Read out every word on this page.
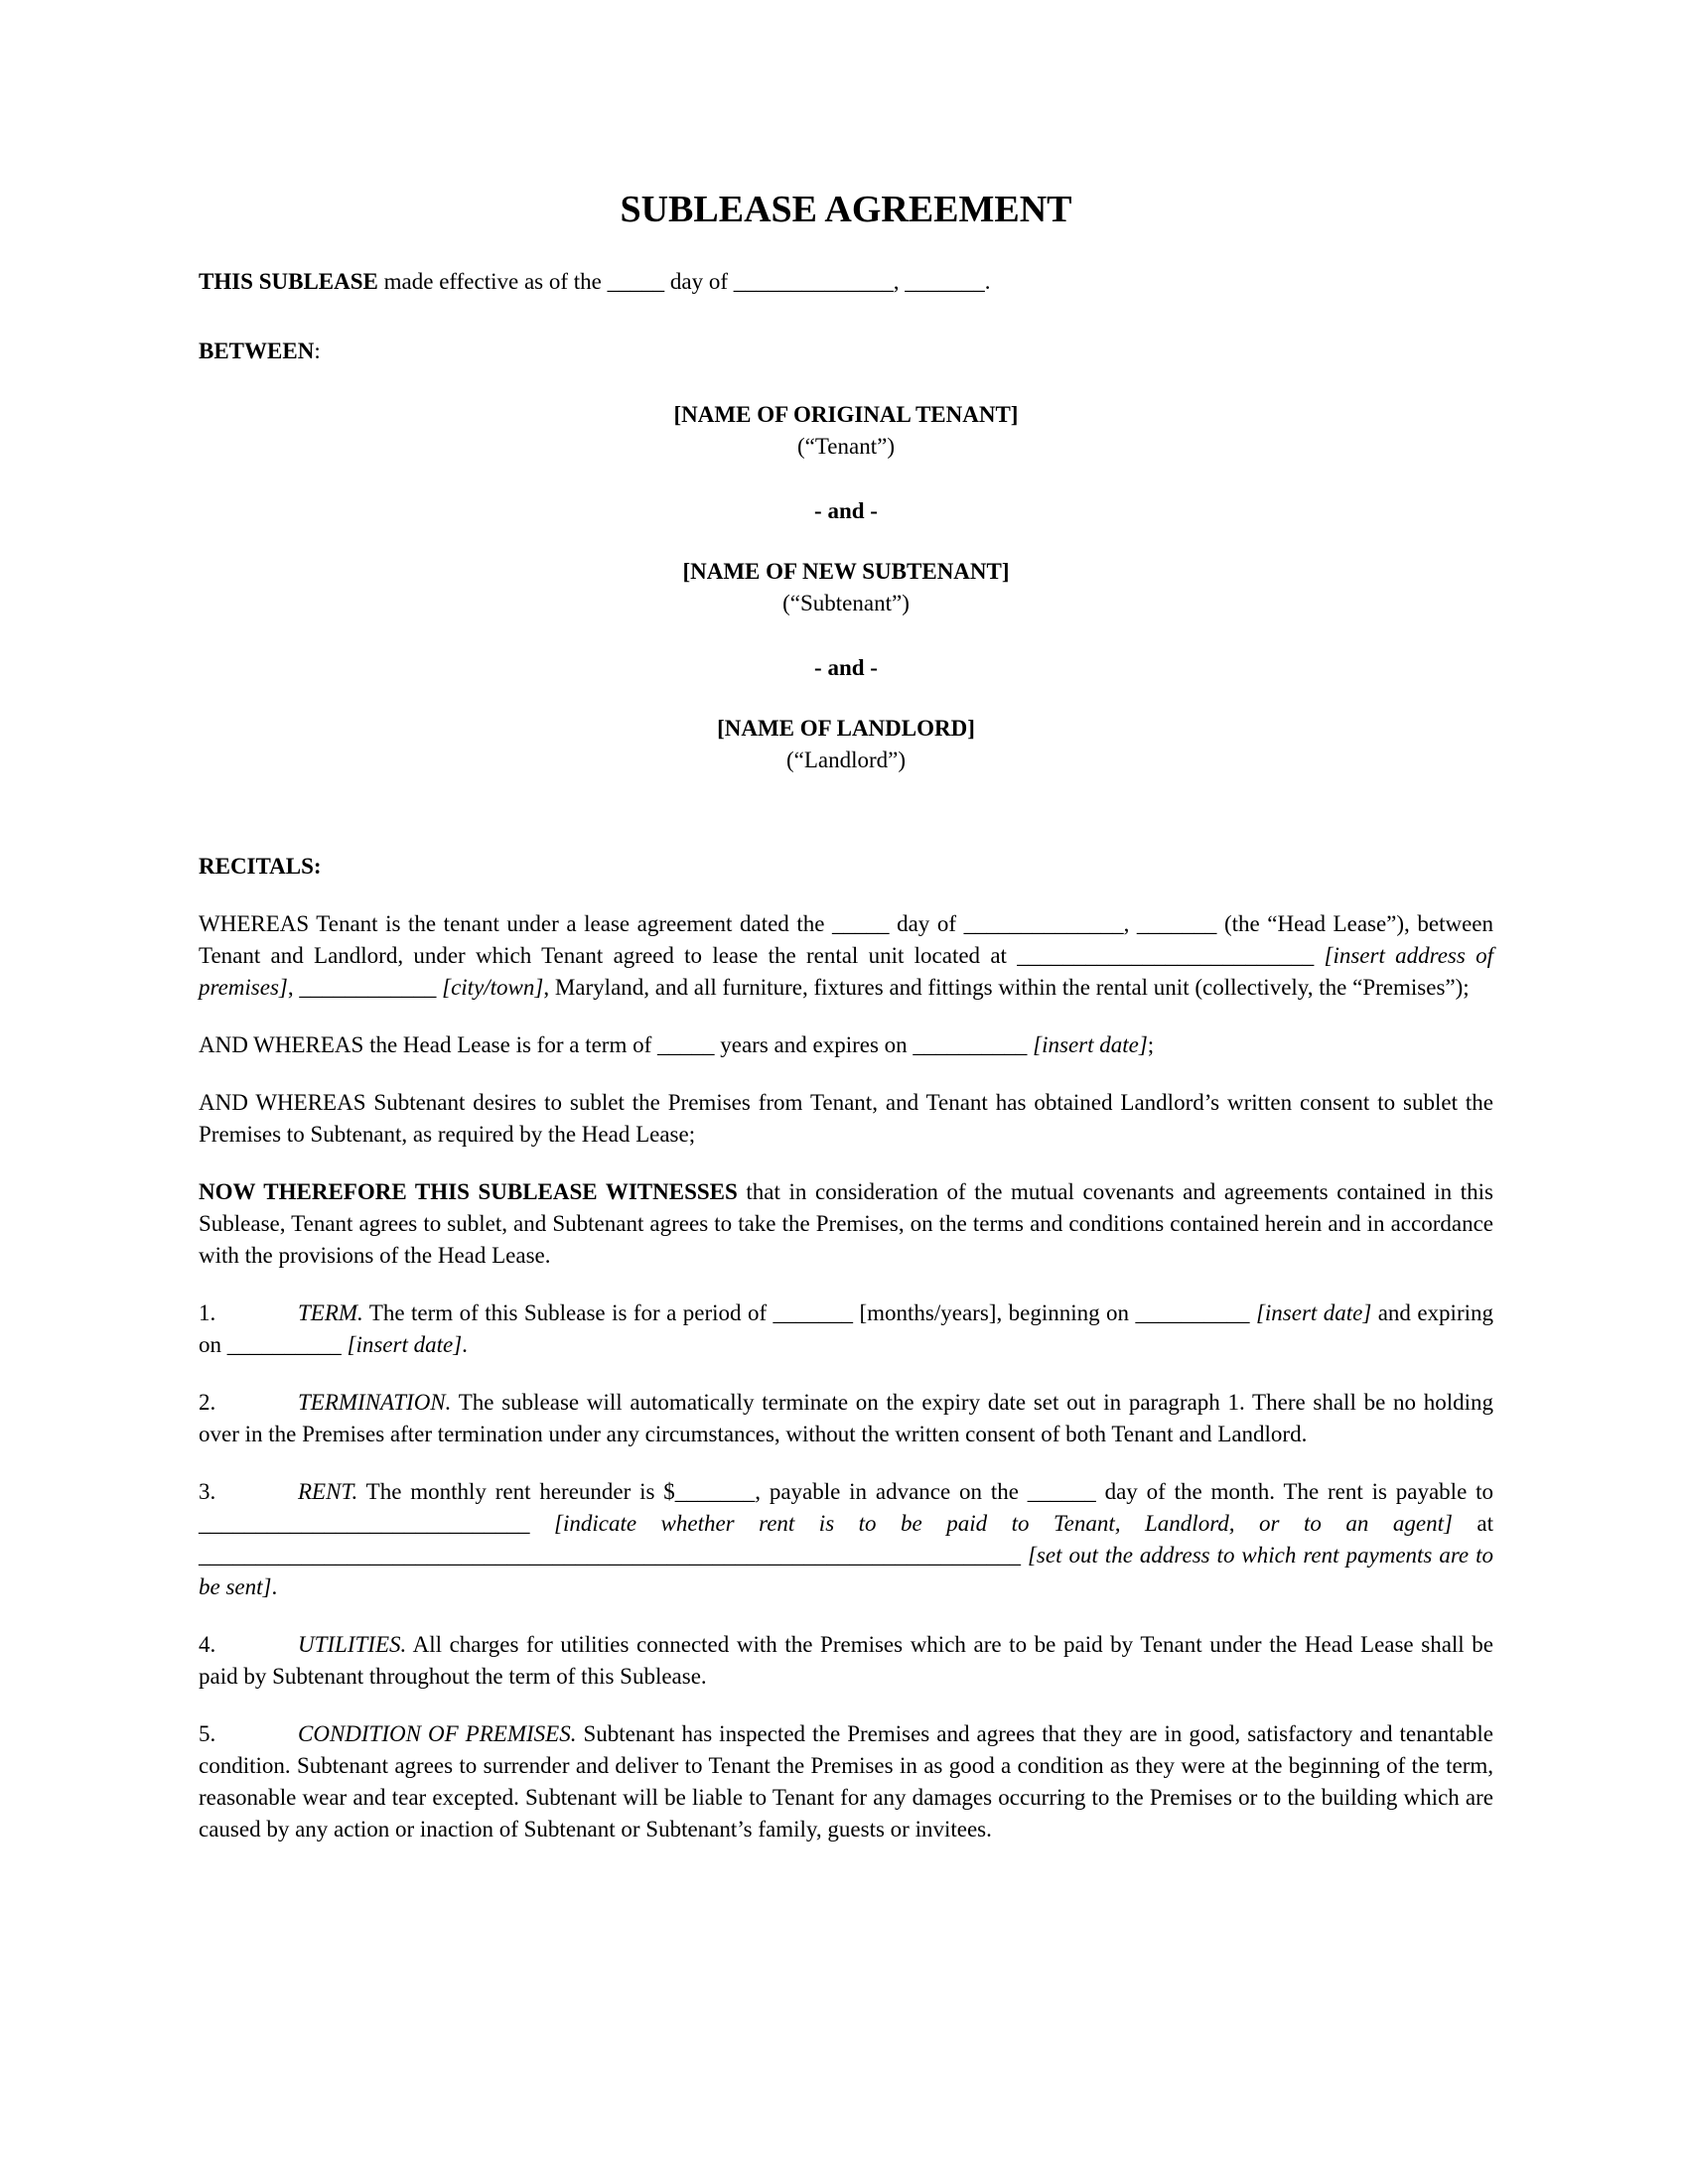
SUBLEASE AGREEMENT

THIS SUBLEASE made effective as of the _____ day of ______________, _______.

BETWEEN:

[NAME OF ORIGINAL TENANT]
(“Tenant”)
- and -
[NAME OF NEW SUBTENANT]
(“Subtenant”)
- and -
[NAME OF LANDLORD]
(“Landlord”)

RECITALS:

WHEREAS Tenant is the tenant under a lease agreement dated the _____ day of ______________, _______ (the “Head Lease”), between Tenant and Landlord, under which Tenant agreed to lease the rental unit located at __________________________ [insert address of premises], ____________ [city/town], Maryland, and all furniture, fixtures and fittings within the rental unit (collectively, the “Premises”);

AND WHEREAS the Head Lease is for a term of _____ years and expires on __________ [insert date];

AND WHEREAS Subtenant desires to sublet the Premises from Tenant, and Tenant has obtained Landlord’s written consent to sublet the Premises to Subtenant, as required by the Head Lease;

NOW THEREFORE THIS SUBLEASE WITNESSES that in consideration of the mutual covenants and agreements contained in this Sublease, Tenant agrees to sublet, and Subtenant agrees to take the Premises, on the terms and conditions contained herein and in accordance with the provisions of the Head Lease.

1.	TERM. The term of this Sublease is for a period of _______ [months/years], beginning on __________ [insert date] and expiring on __________ [insert date].

2.	TERMINATION. The sublease will automatically terminate on the expiry date set out in paragraph 1. There shall be no holding over in the Premises after termination under any circumstances, without the written consent of both Tenant and Landlord.

3.	RENT. The monthly rent hereunder is $_______, payable in advance on the ______ day of the month. The rent is payable to _____________________________ [indicate whether rent is to be paid to Tenant, Landlord, or to an agent] at ________________________________________________________________________ [set out the address to which rent payments are to be sent].

4.	UTILITIES. All charges for utilities connected with the Premises which are to be paid by Tenant under the Head Lease shall be paid by Subtenant throughout the term of this Sublease.

5.	CONDITION OF PREMISES. Subtenant has inspected the Premises and agrees that they are in good, satisfactory and tenantable condition. Subtenant agrees to surrender and deliver to Tenant the Premises in as good a condition as they were at the beginning of the term, reasonable wear and tear excepted. Subtenant will be liable to Tenant for any damages occurring to the Premises or to the building which are caused by any action or inaction of Subtenant or Subtenant’s family, guests or invitees.
